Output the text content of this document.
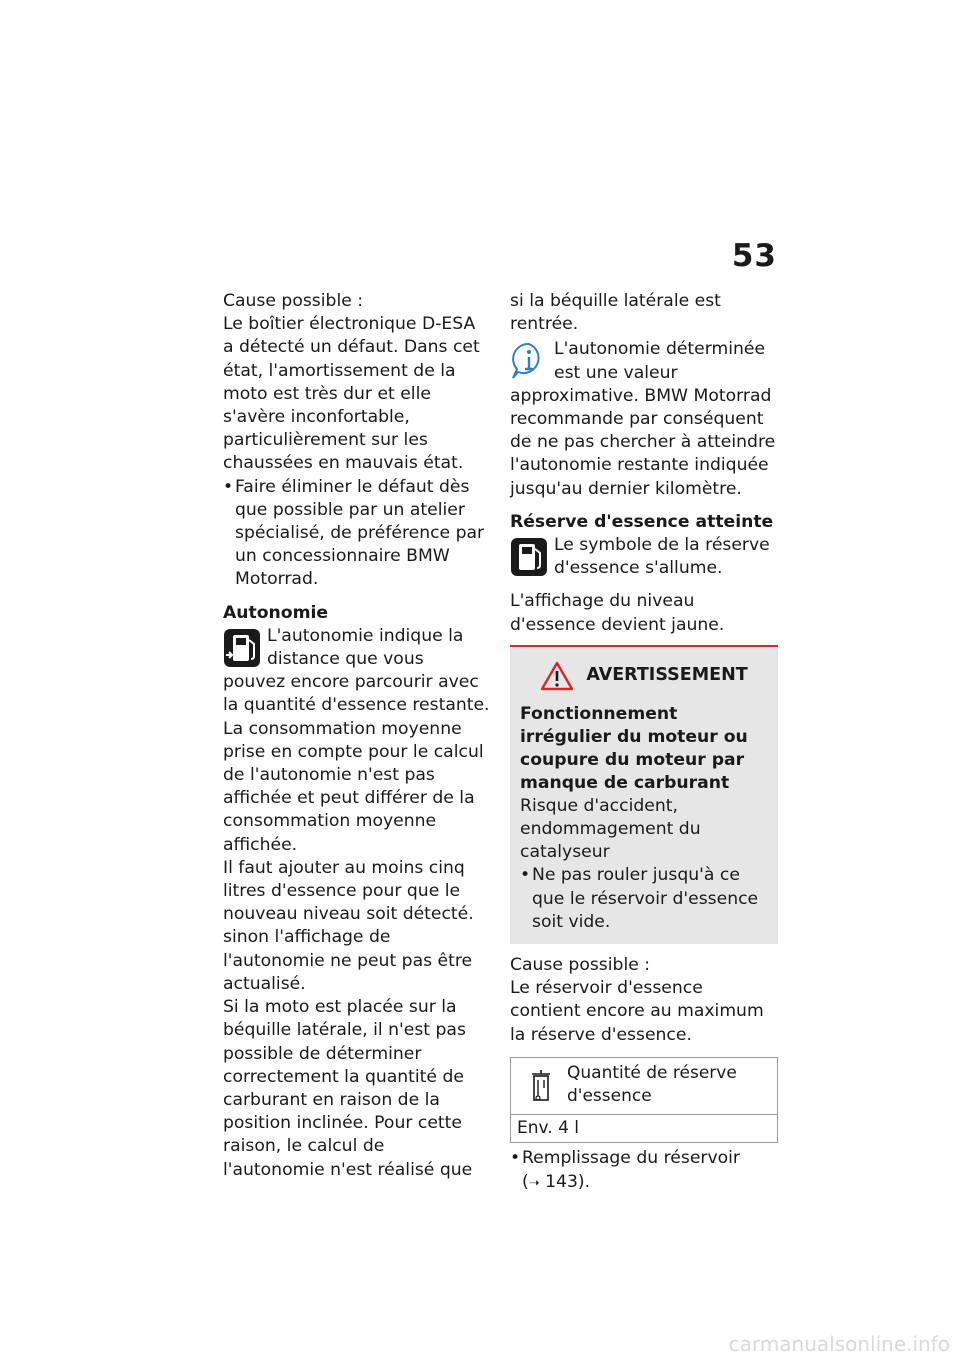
53

Cause possible :

Le boîtier électronique D-ESA a détecté un défaut. Dans cet état, l'amortissement de la moto est très dur et elle s'avère inconfortable, particulièrement sur les chaussées en mauvais état.

• Faire éliminer le défaut dès que possible par un atelier spécialisé, de préférence par un concessionnaire BMW Motorrad.

Autonomie

L'autonomie indique la distance que vous pouvez encore parcourir avec la quantité d'essence restante. La consommation moyenne prise en compte pour le calcul de l'autonomie n'est pas affichée et peut différer de la consommation moyenne affichée.

Il faut ajouter au moins cinq litres d'essence pour que le nouveau niveau soit détecté. sinon l'affichage de l'autonomie ne peut pas être actualisé.

Si la moto est placée sur la béquille latérale, il n'est pas possible de déterminer correctement la quantité de carburant en raison de la position inclinée. Pour cette raison, le calcul de l'autonomie n'est réalisé que

si la béquille latérale est rentrée.

L'autonomie déterminée est une valeur approximative. BMW Motorrad recommande par conséquent de ne pas chercher à atteindre l'autonomie restante indiquée jusqu'au dernier kilomètre.

Réserve d'essence atteinte

Le symbole de la réserve d'essence s'allume.

L'affichage du niveau d'essence devient jaune.

AVERTISSEMENT

Fonctionnement irrégulier du moteur ou coupure du moteur par manque de carburant

Risque d'accident, endommagement du catalyseur

• Ne pas rouler jusqu'à ce que le réservoir d'essence soit vide.

Cause possible :

Le réservoir d'essence contient encore au maximum la réserve d'essence.

Quantité de réserve d'essence
Env. 4 l
• Remplissage du réservoir
(➝ 143).
carmanualsonline.info
